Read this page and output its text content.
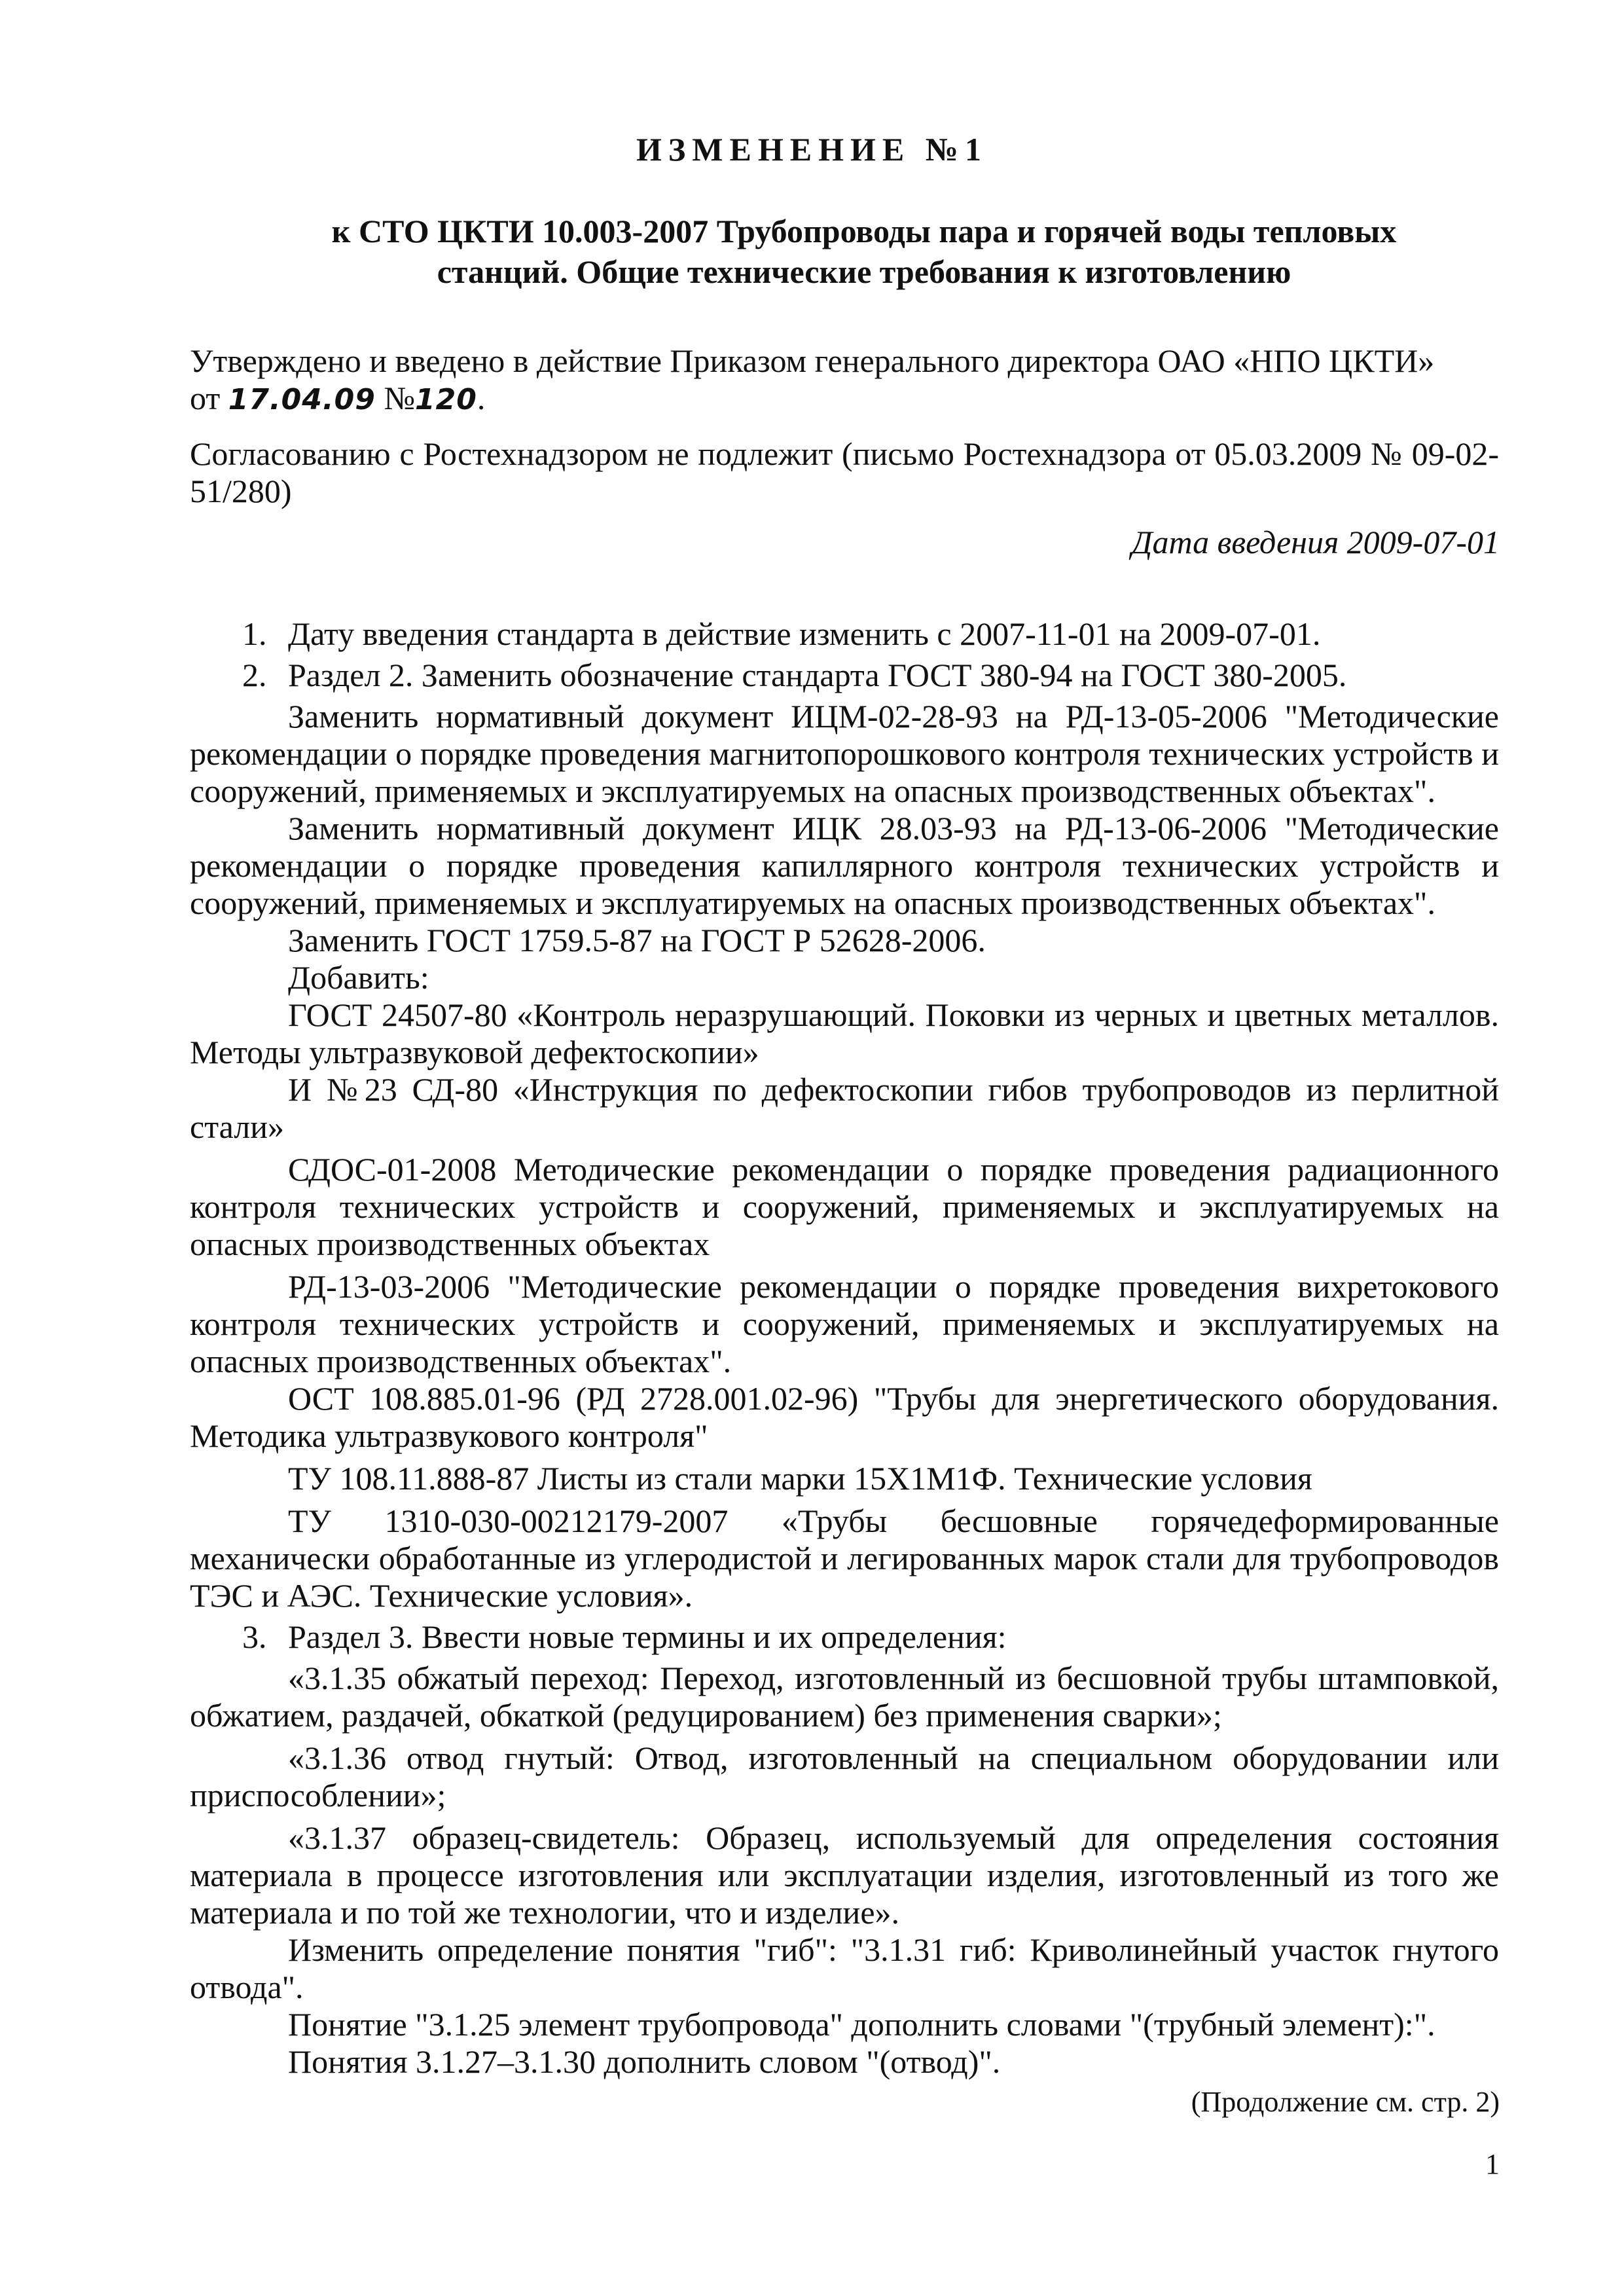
ИЗМЕНЕНИЕ №1
к СТО ЦКТИ 10.003-2007 Трубопроводы пара и горячей воды тепловых
станций. Общие технические требования к изготовлению
Утверждено и введено в действие Приказом генерального директора ОАО «НПО ЦКТИ»
от 17.04.09 №120.
Согласованию с Ростехнадзором не подлежит (письмо Ростехнадзора от 05.03.2009 № 09-02-51/280)
Дата введения 2009-07-01
1. Дату введения стандарта в действие изменить с 2007-11-01 на 2009-07-01.
2. Раздел 2. Заменить обозначение стандарта ГОСТ 380-94 на ГОСТ 380-2005.

Заменить нормативный документ ИЦМ-02-28-93 на РД-13-05-2006 "Методические рекомендации о порядке проведения магнитопорошкового контроля технических устройств и сооружений, применяемых и эксплуатируемых на опасных производственных объектах".

Заменить нормативный документ ИЦК 28.03-93 на РД-13-06-2006 "Методические рекомендации о порядке проведения капиллярного контроля технических устройств и сооружений, применяемых и эксплуатируемых на опасных производственных объектах".

Заменить ГОСТ 1759.5-87 на ГОСТ Р 52628-2006.

Добавить:

ГОСТ 24507-80 «Контроль неразрушающий. Поковки из черных и цветных металлов. Методы ультразвуковой дефектоскопии»

И №23 СД-80 «Инструкция по дефектоскопии гибов трубопроводов из перлитной стали»

СДОС-01-2008 Методические рекомендации о порядке проведения радиационного контроля технических устройств и сооружений, применяемых и эксплуатируемых на опасных производственных объектах

РД-13-03-2006 "Методические рекомендации о порядке проведения вихретокового контроля технических устройств и сооружений, применяемых и эксплуатируемых на опасных производственных объектах".

ОСТ 108.885.01-96 (РД 2728.001.02-96) "Трубы для энергетического оборудования. Методика ультразвукового контроля"

ТУ 108.11.888-87 Листы из стали марки 15Х1М1Ф. Технические условия

ТУ 1310-030-00212179-2007 «Трубы бесшовные горячедеформированные механически обработанные из углеродистой и легированных марок стали для трубопроводов ТЭС и АЭС. Технические условия».

3. Раздел 3. Ввести новые термины и их определения:

«3.1.35 обжатый переход: Переход, изготовленный из бесшовной трубы штамповкой, обжатием, раздачей, обкаткой (редуцированием) без применения сварки»;

«3.1.36 отвод гнутый: Отвод, изготовленный на специальном оборудовании или приспособлении»;

«3.1.37 образец-свидетель: Образец, используемый для определения состояния материала в процессе изготовления или эксплуатации изделия, изготовленный из того же материала и по той же технологии, что и изделие».

Изменить определение понятия "гиб": "3.1.31 гиб: Криволинейный участок гнутого отвода".

Понятие "3.1.25 элемент трубопровода" дополнить словами "(трубный элемент):".

Понятия 3.1.27–3.1.30 дополнить словом "(отвод)".

(Продолжение см. стр. 2)
1
